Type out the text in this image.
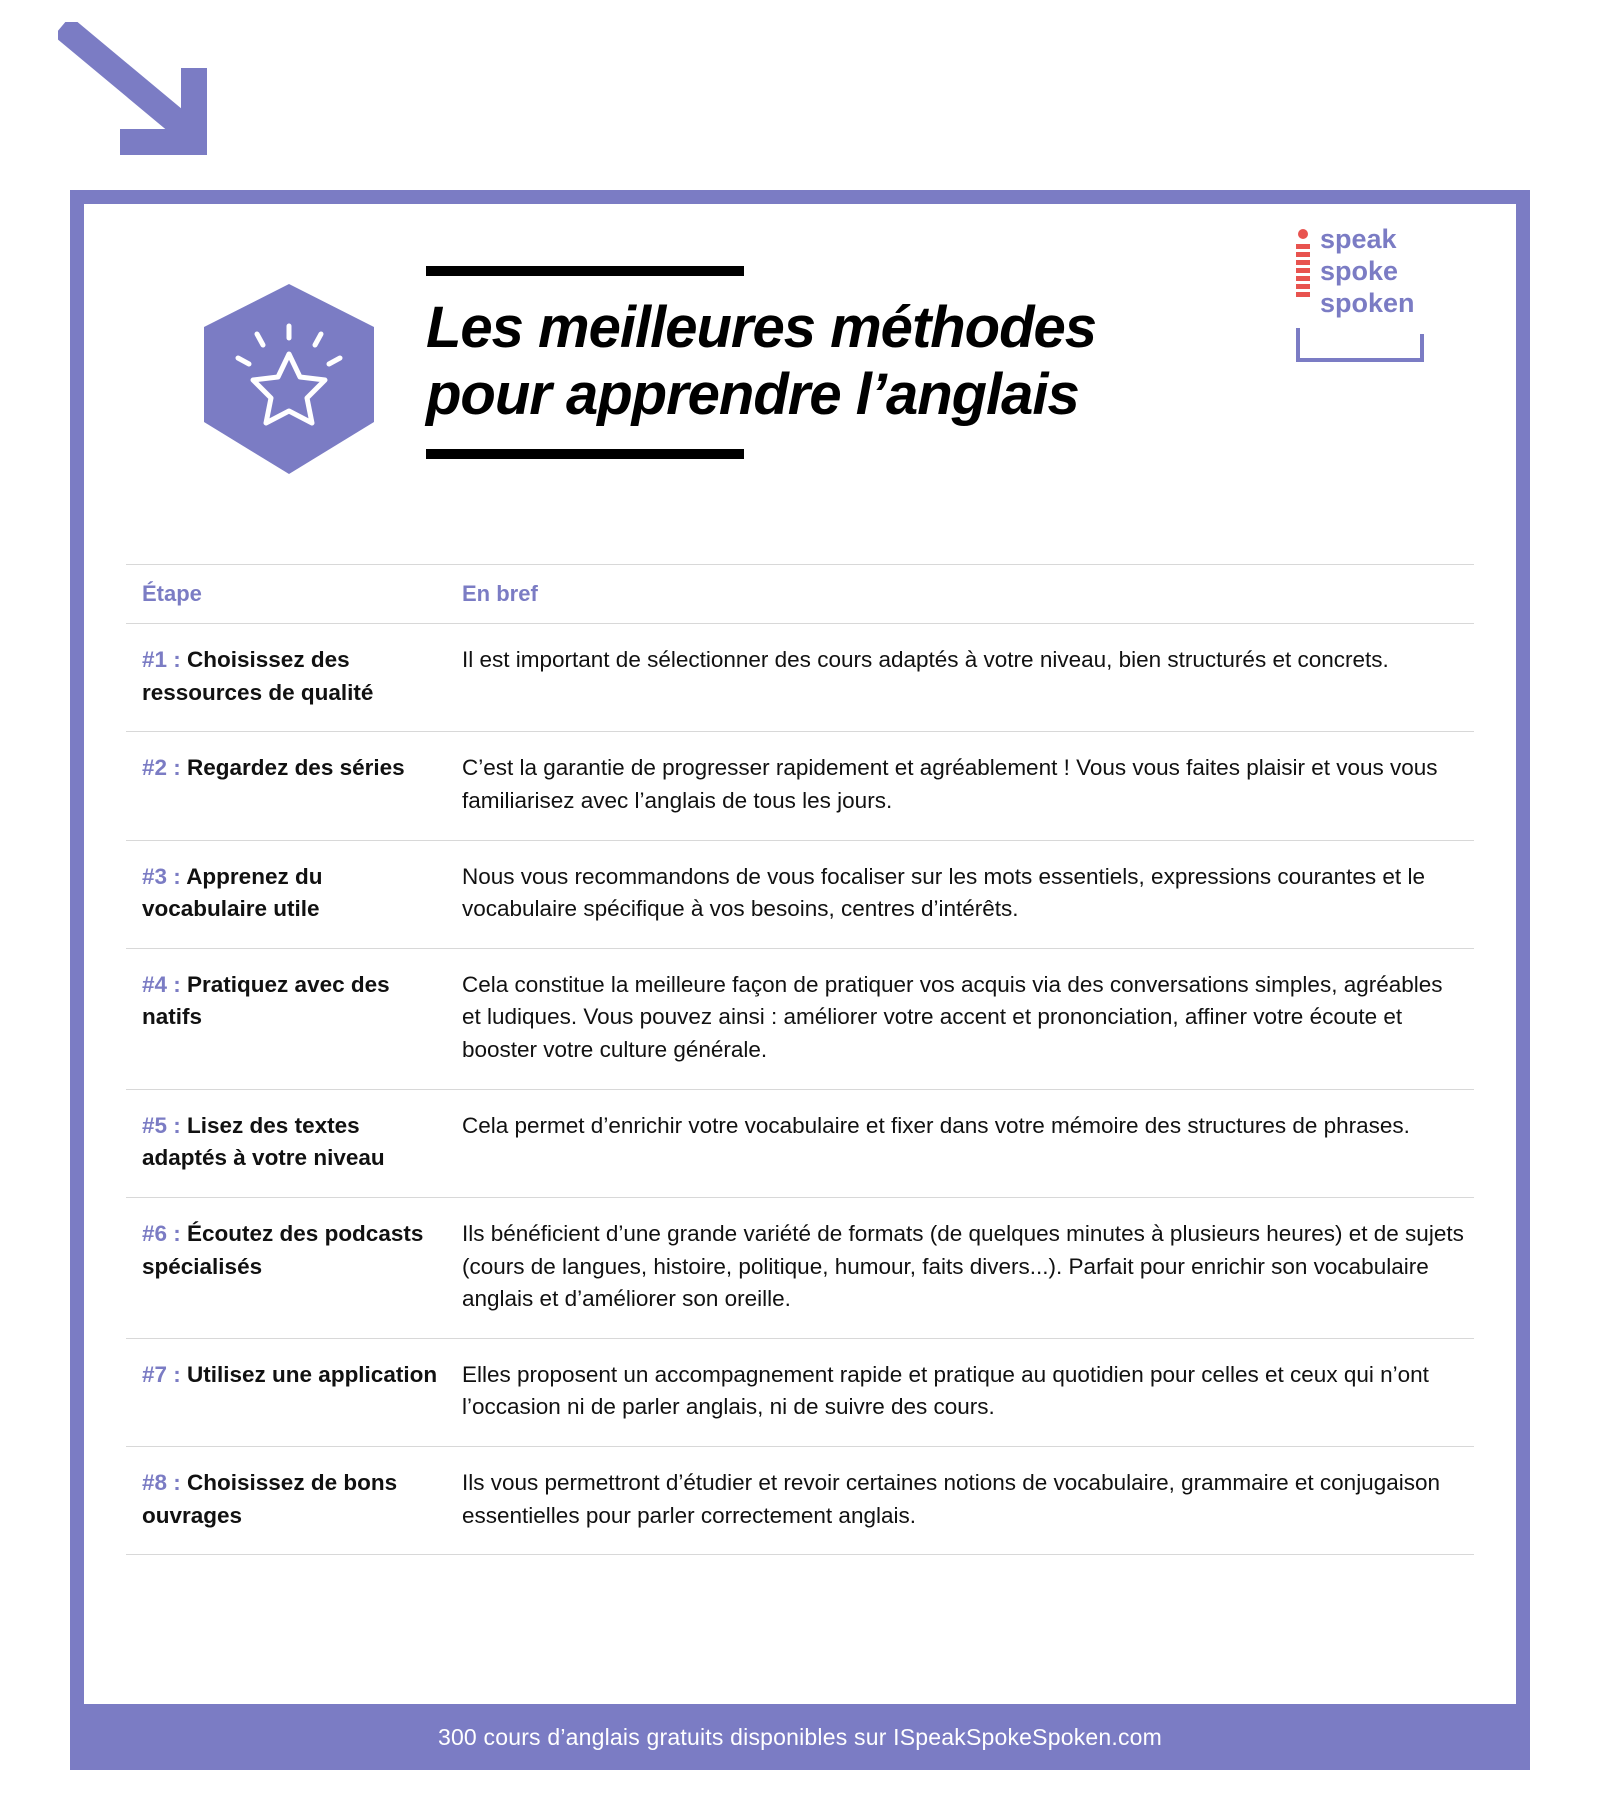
Les meilleures méthodes
pour apprendre l’anglais
speak
spoke
spoken
Étape	En bref
#1 : Choisissez des ressources de qualité	Il est important de sélectionner des cours adaptés à votre niveau, bien structurés et concrets.
#2 : Regardez des séries	C’est la garantie de progresser rapidement et agréablement ! Vous vous faites plaisir et vous vous familiarisez avec l’anglais de tous les jours.
#3 : Apprenez du vocabulaire utile	Nous vous recommandons de vous focaliser sur les mots essentiels, expressions courantes et le vocabulaire spécifique à vos besoins, centres d’intérêts.
#4 : Pratiquez avec des natifs	Cela constitue la meilleure façon de pratiquer vos acquis via des conversations simples, agréables et ludiques. Vous pouvez ainsi : améliorer votre accent et prononciation, affiner votre écoute et booster votre culture générale.
#5 : Lisez des textes adaptés à votre niveau	Cela permet d’enrichir votre vocabulaire et fixer dans votre mémoire des structures de phrases.
#6 : Écoutez des podcasts spécialisés	Ils bénéficient d’une grande variété de formats (de quelques minutes à plusieurs heures) et de sujets (cours de langues, histoire, politique, humour, faits divers...). Parfait pour enrichir son vocabulaire anglais et d’améliorer son oreille.
#7 : Utilisez une application	Elles proposent un accompagnement rapide et pratique au quotidien pour celles et ceux qui n’ont l’occasion ni de parler anglais, ni de suivre des cours.
#8 : Choisissez de bons ouvrages	Ils vous permettront d’étudier et revoir certaines notions de vocabulaire, grammaire et conjugaison essentielles pour parler correctement anglais.
300 cours d’anglais gratuits disponibles sur ISpeakSpokeSpoken.com
